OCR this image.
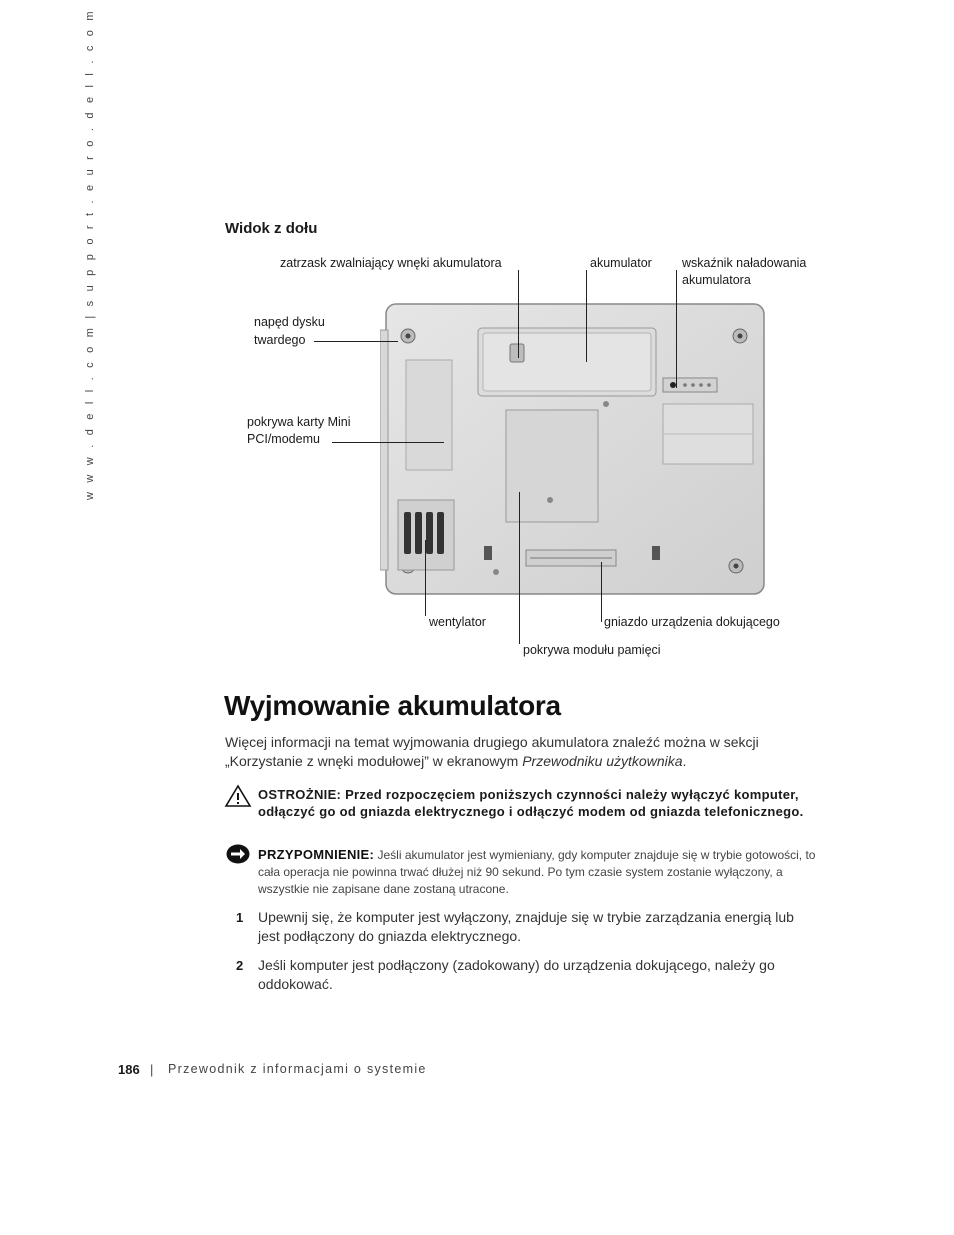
w w w . d e l l . c o m | s u p p o r t . e u r o . d e l l . c o m	Widok z dołu
zatrzask zwalniający wnęki akumulatora	akumulator wskaźnik naładowania
akumulatora
napęd dysku
twardego
pokrywa karty Mini
PCI/modemu
wentylator	gniazdo urządzenia dokującego
pokrywa modułu pamięci
Wyjmowanie akumulatora
Więcej informacji na temat wyjmowania drugiego akumulatora znaleźć można w sekcji
„Korzystanie z wnęki modułowej” w ekranowym Przewodniku użytkownika.
OSTROŻNIE: Przed rozpoczęciem poniższych czynności należy wyłączyć komputer, odłączyć go od gniazda elektrycznego i odłączyć modem od gniazda telefonicznego.
PRZYPOMNIENIE: Jeśli akumulator jest wymieniany, gdy komputer znajduje się w trybie gotowości, to cała operacja nie powinna trwać dłużej niż 90 sekund. Po tym czasie system zostanie wyłączony, a wszystkie nie zapisane dane zostaną utracone.
1 Upewnij się, że komputer jest wyłączony, znajduje się w trybie zarządzania energią lub jest podłączony do gniazda elektrycznego.
2 Jeśli komputer jest podłączony (zadokowany) do urządzenia dokującego, należy go oddokować.
186 | Przewodnik z informacjami o systemie
